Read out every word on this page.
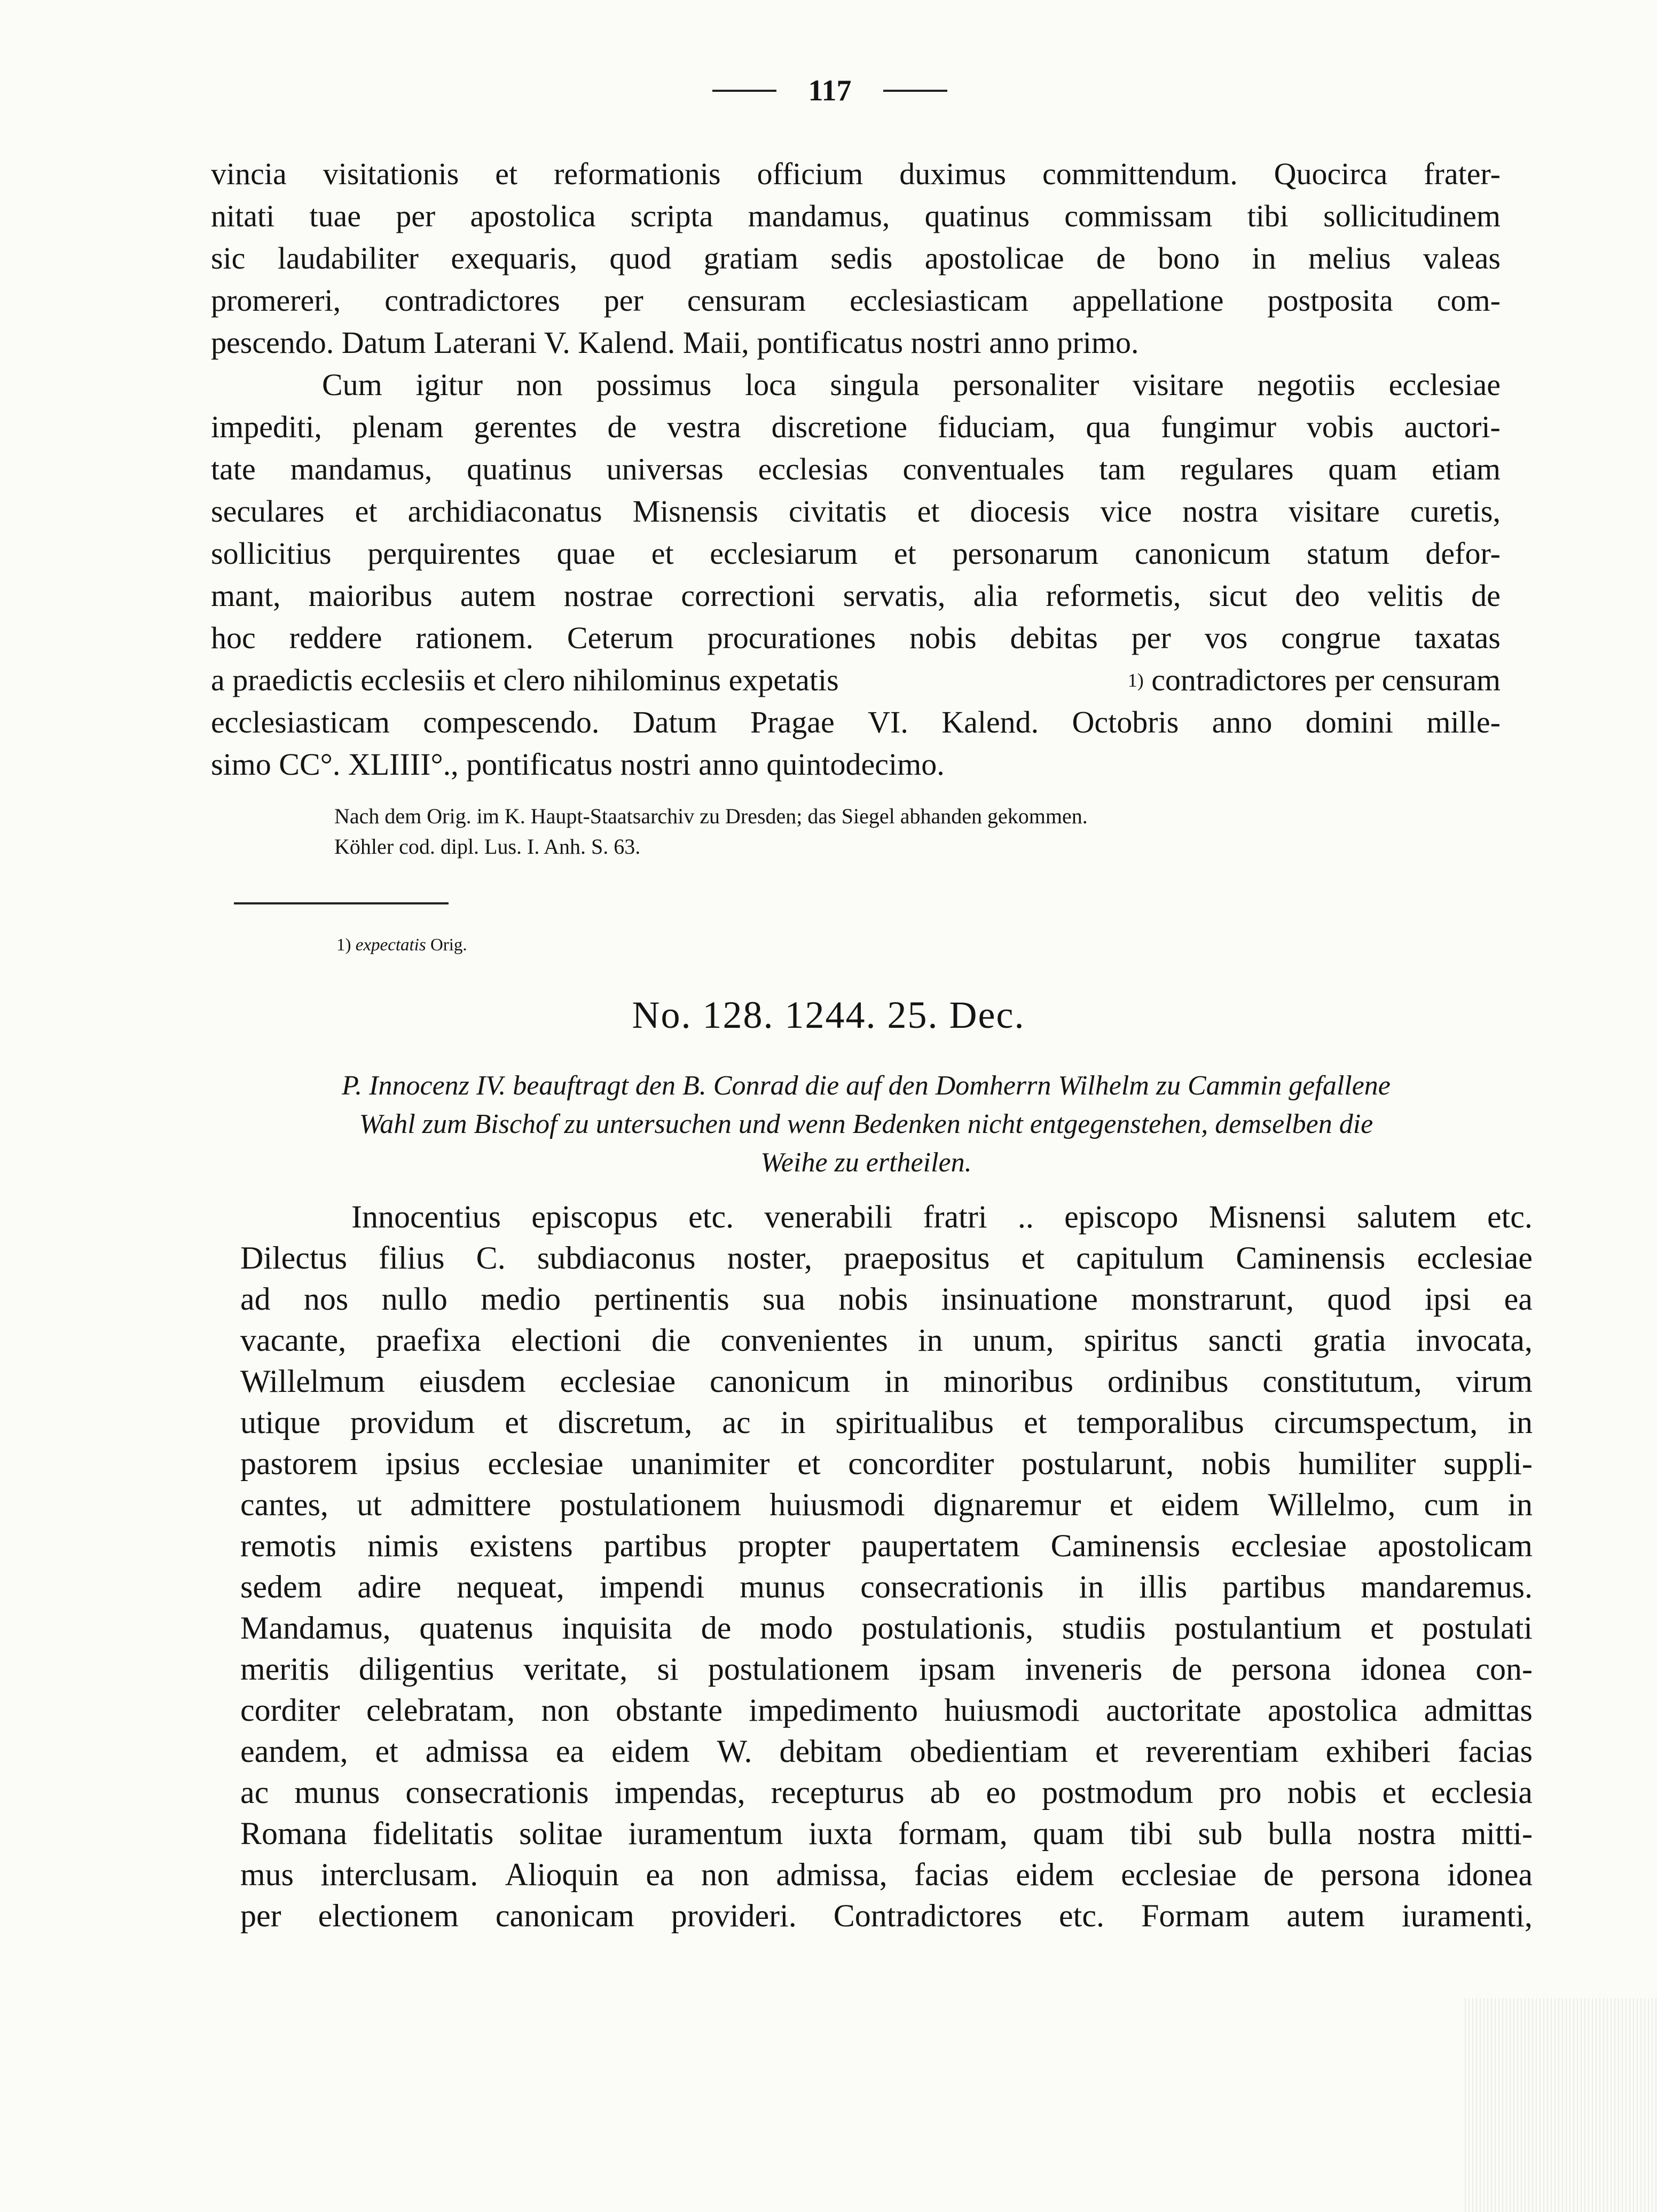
117
vincia visitationis et reformationis officium duximus committendum. Quocirca frater-
nitati tuae per apostolica scripta mandamus, quatinus commissam tibi sollicitudinem
sic laudabiliter exequaris, quod gratiam sedis apostolicae de bono in melius valeas
promereri, contradictores per censuram ecclesiasticam appellatione postposita com-
pescendo. Datum Laterani V. Kalend. Maii, pontificatus nostri anno primo.
Cum igitur non possimus loca singula personaliter visitare negotiis ecclesiae
impediti, plenam gerentes de vestra discretione fiduciam, qua fungimur vobis auctori-
tate mandamus, quatinus universas ecclesias conventuales tam regulares quam etiam
seculares et archidiaconatus Misnensis civitatis et diocesis vice nostra visitare curetis,
sollicitius perquirentes quae et ecclesiarum et personarum canonicum statum defor-
mant, maioribus autem nostrae correctioni servatis, alia reformetis, sicut deo velitis de
hoc reddere rationem. Ceterum procurationes nobis debitas per vos congrue taxatas
a praedictis ecclesiis et clero nihilominus expetatis	1) contradictores per censuram
ecclesiasticam compescendo. Datum Pragae VI. Kalend. Octobris anno domini mille-
simo CC°. XLIIII°., pontificatus nostri anno quintodecimo.
Nach dem Orig. im K. Haupt-Staatsarchiv zu Dresden; das Siegel abhanden gekommen.
Köhler cod. dipl. Lus. I. Anh. S. 63.
1) expectatis Orig.
No. 128. 1244. 25. Dec.
P. Innocenz IV. beauftragt den B. Conrad die auf den Domherrn Wilhelm zu Cammin gefallene
Wahl zum Bischof zu untersuchen und wenn Bedenken nicht entgegenstehen, demselben die
Weihe zu ertheilen.
Innocentius episcopus etc. venerabili fratri .. episcopo Misnensi salutem etc.
Dilectus filius C. subdiaconus noster, praepositus et capitulum Caminensis ecclesiae
ad nos nullo medio pertinentis sua nobis insinuatione monstrarunt, quod ipsi ea
vacante, praefixa electioni die convenientes in unum, spiritus sancti gratia invocata,
Willelmum eiusdem ecclesiae canonicum in minoribus ordinibus constitutum, virum
utique providum et discretum, ac in spiritualibus et temporalibus circumspectum, in
pastorem ipsius ecclesiae unanimiter et concorditer postularunt, nobis humiliter suppli-
cantes, ut admittere postulationem huiusmodi dignaremur et eidem Willelmo, cum in
remotis nimis existens partibus propter paupertatem Caminensis ecclesiae apostolicam
sedem adire nequeat, impendi munus consecrationis in illis partibus mandaremus.
Mandamus, quatenus inquisita de modo postulationis, studiis postulantium et postulati
meritis diligentius veritate, si postulationem ipsam inveneris de persona idonea con-
corditer celebratam, non obstante impedimento huiusmodi auctoritate apostolica admittas
eandem, et admissa ea eidem W. debitam obedientiam et reverentiam exhiberi facias
ac munus consecrationis impendas, recepturus ab eo postmodum pro nobis et ecclesia
Romana fidelitatis solitae iuramentum iuxta formam, quam tibi sub bulla nostra mitti-
mus interclusam. Alioquin ea non admissa, facias eidem ecclesiae de persona idonea
per electionem canonicam provideri. Contradictores etc. Formam autem iuramenti,
